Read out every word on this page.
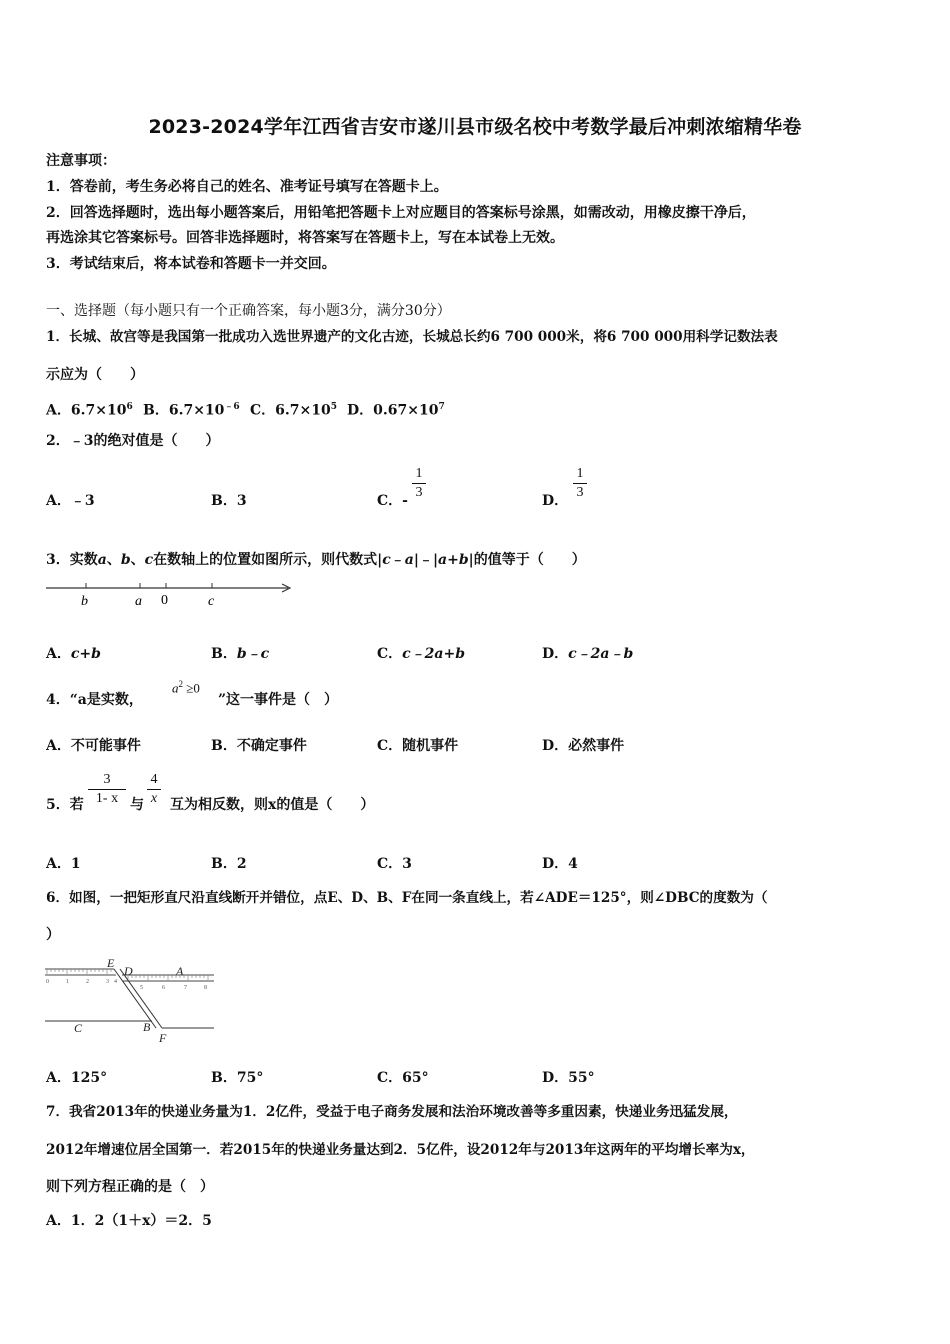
2023-2024学年江西省吉安市遂川县市级名校中考数学最后冲刺浓缩精华卷
注意事项：
1．答卷前，考生务必将自己的姓名、准考证号填写在答题卡上。
2．回答选择题时，选出每小题答案后，用铅笔把答题卡上对应题目的答案标号涂黑，如需改动，用橡皮擦干净后，
再选涂其它答案标号。回答非选择题时，将答案写在答题卡上，写在本试卷上无效。
3．考试结束后，将本试卷和答题卡一并交回。
一、选择题（每小题只有一个正确答案，每小题3分，满分30分）
1．长城、故宫等是我国第一批成功入选世界遗产的文化古迹，长城总长约6 700 000米，将6 700 000用科学记数法表
示应为（　　）
A．$6.7\times 10^6$ B．$6.7\times 10^{﹣6}$ C．$6.7\times 10^5$ D．$0.67\times 10^7$
2．﹣3的绝对值是（　　）
A．﹣3	B．3	C．-
1
3
D．
1
3
3．实数a、b、c在数轴上的位置如图所示，则代数式|c﹣a|﹣|a+b|的值等于（　　）
b	a 0	c
A．c+b	B．b﹣c	C．c﹣2a+b	D．c﹣2a﹣b
4．“a是实数，
$a^2 \ge 0$
”这一事件是（　）
A．不可能事件	B．不确定事件	C．随机事件	D．必然事件
5．若
3
1- x 与
4
x 互为相反数，则x的值是（　　）
A．1	B．2	C．3	D．4
6．如图，一把矩形直尺沿直线断开并错位，点E、D、B、F在同一条直线上，若∠ADE＝125°，则∠DBC的度数为（
）
0	1	2	3 4
5	6	7	8
E
D	A
C	B
F
A．125°	B．75°	C．65°	D．55°
7．我省2013年的快递业务量为1．2亿件，受益于电子商务发展和法治环境改善等多重因素，快递业务迅猛发展，
2012年增速位居全国第一．若2015年的快递业务量达到2．5亿件，设2012年与2013年这两年的平均增长率为x，
则下列方程正确的是（　）
A．1．2（1＋x）＝2．5
